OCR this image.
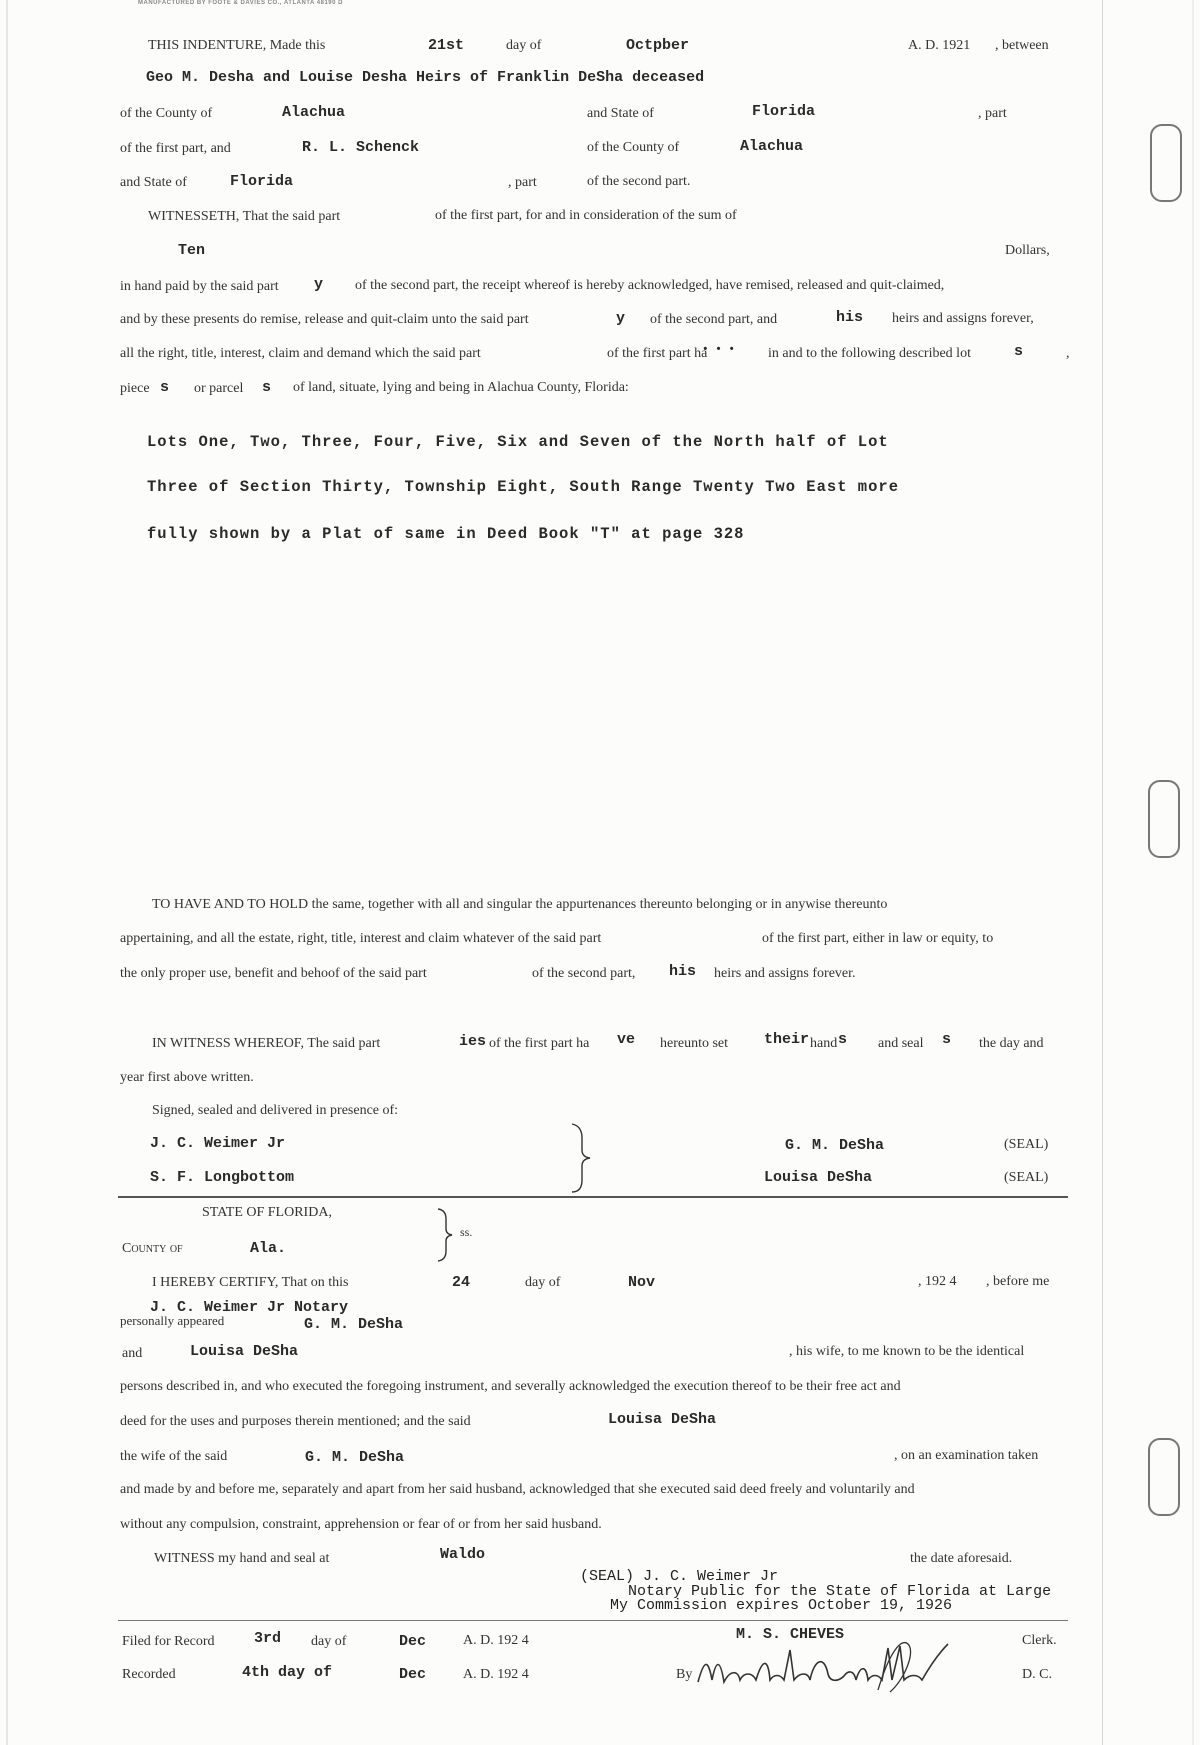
MANUFACTURED BY FOOTE & DAVIES CO., ATLANTA 48190 D
THIS INDENTURE, Made this	21st	day of	Octpber	A. D. 1921 , between
Geo M. Desha and Louise Desha Heirs of Franklin DeSha deceased
of the County of	Alachua	and State of	Florida	, part
of the first part, and	R. L. Schenck	of the County of	Alachua
and State of	Florida	, part	of the second part.
WITNESSETH, That the said part	of the first part, for and in consideration of the sum of
Ten	Dollars,
in hand paid by the said part y of the second part, the receipt whereof is hereby acknowledged, have remised, released and quit-claimed,
and by these presents do remise, release and quit-claim unto the said part	y of the second part, and	his heirs and assigns forever,
all the right, title, interest, claim and demand which the said part	of the first part ha
• • • in and to the following described lot	s	,
piece s or parcel s of land, situate, lying and being in Alachua County, Florida:
Lots One, Two, Three, Four, Five, Six and Seven of the North half of Lot
Three of Section Thirty, Township Eight, South Range Twenty Two East more
fully shown by a Plat of same in Deed Book "T" at page 328
TO HAVE AND TO HOLD the same, together with all and singular the appurtenances thereunto belonging or in anywise thereunto
appertaining, and all the estate, right, title, interest and claim whatever of the said part	of the first part, either in law or equity, to
the only proper use, benefit and behoof of the said part	of the second part, his heirs and assigns forever.
IN WITNESS WHEREOF, The said part	ies of the first part ha ve hereunto set their hand s and seal s the day and
year first above written.
Signed, sealed and delivered in presence of:
J. C. Weimer Jr
S. F. Longbottom
G. M. DeSha	(SEAL)
Louisa DeSha	(SEAL)
STATE OF FLORIDA,
ss.
County of	Ala.
I HEREBY CERTIFY, That on this	24	day of	Nov	, 192 4 , before me
J. C. Weimer Jr Notary
personally appeared	G. M. DeSha
and	Louisa DeSha	, his wife, to me known to be the identical
persons described in, and who executed the foregoing instrument, and severally acknowledged the execution thereof to be their free act and
deed for the uses and purposes therein mentioned; and the said	Louisa DeSha
the wife of the said	G. M. DeSha	, on an examination taken
and made by and before me, separately and apart from her said husband, acknowledged that she executed said deed freely and voluntarily and
without any compulsion, constraint, apprehension or fear of or from her said husband.
WITNESS my hand and seal at	Waldo	the date aforesaid.
(SEAL) J. C. Weimer Jr
Notary Public for the State of Florida at Large
My Commission expires October 19, 1926
Filed for Record	3rd day of	Dec	A. D. 192 4	M. S. CHEVES	Clerk.
Recorded	4th day of	Dec	A. D. 192 4	By	D. C.
